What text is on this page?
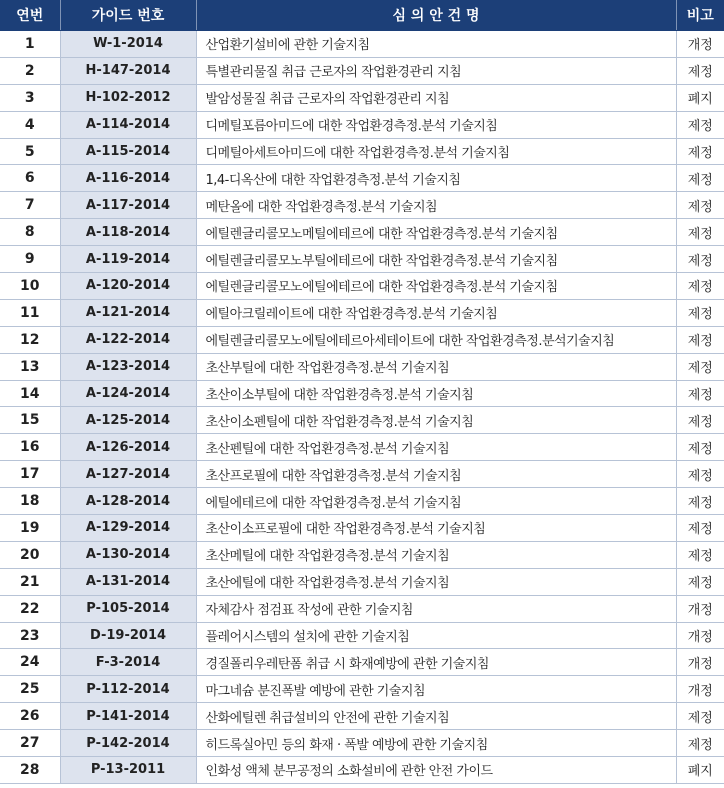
연번	가이드 번호	심 의 안 건 명	비고
1	W-1-2014	산업환기설비에 관한 기술지침	개정
2	H-147-2014	특별관리물질 취급 근로자의 작업환경관리 지침	제정
3	H-102-2012	발암성물질 취급 근로자의 작업환경관리 지침	폐지
4	A-114-2014	디메틸포름아미드에 대한 작업환경측정.분석 기술지침	제정
5	A-115-2014	디메틸아세트아미드에 대한 작업환경측정.분석 기술지침	제정
6	A-116-2014	1,4-디옥산에 대한 작업환경측정.분석 기술지침	제정
7	A-117-2014	메탄올에 대한 작업환경측정.분석 기술지침	제정
8	A-118-2014	에틸렌글리콜모노메틸에테르에 대한 작업환경측정.분석 기술지침	제정
9	A-119-2014	에틸렌글리콜모노부틸에테르에 대한 작업환경측정.분석 기술지침	제정
10	A-120-2014	에틸렌글리콜모노에틸에테르에 대한 작업환경측정.분석 기술지침	제정
11	A-121-2014	에틸아크릴레이트에 대한 작업환경측정.분석 기술지침	제정
12	A-122-2014	에틸렌글리콜모노에틸에테르아세테이트에 대한 작업환경측정.분석기술지침	제정
13	A-123-2014	초산부틸에 대한 작업환경측정.분석 기술지침	제정
14	A-124-2014	초산이소부틸에 대한 작업환경측정.분석 기술지침	제정
15	A-125-2014	초산이소펜틸에 대한 작업환경측정.분석 기술지침	제정
16	A-126-2014	초산펜틸에 대한 작업환경측정.분석 기술지침	제정
17	A-127-2014	초산프로필에 대한 작업환경측정.분석 기술지침	제정
18	A-128-2014	에틸에테르에 대한 작업환경측정.분석 기술지침	제정
19	A-129-2014	초산이소프로필에 대한 작업환경측정.분석 기술지침	제정
20	A-130-2014	초산메틸에 대한 작업환경측정.분석 기술지침	제정
21	A-131-2014	초산에틸에 대한 작업환경측정.분석 기술지침	제정
22	P-105-2014	자체감사 점검표 작성에 관한 기술지침	개정
23	D-19-2014	플레어시스템의 설치에 관한 기술지침	개정
24	F-3-2014	경질폴리우레탄폼 취급 시 화재예방에 관한 기술지침	개정
25	P-112-2014	마그네슘 분진폭발 예방에 관한 기술지침	개정
26	P-141-2014	산화에틸렌 취급설비의 안전에 관한 기술지침	제정
27	P-142-2014	히드록실아민 등의 화재 · 폭발 예방에 관한 기술지침	제정
28	P-13-2011	인화성 액체 분무공정의 소화설비에 관한 안전 가이드	폐지
